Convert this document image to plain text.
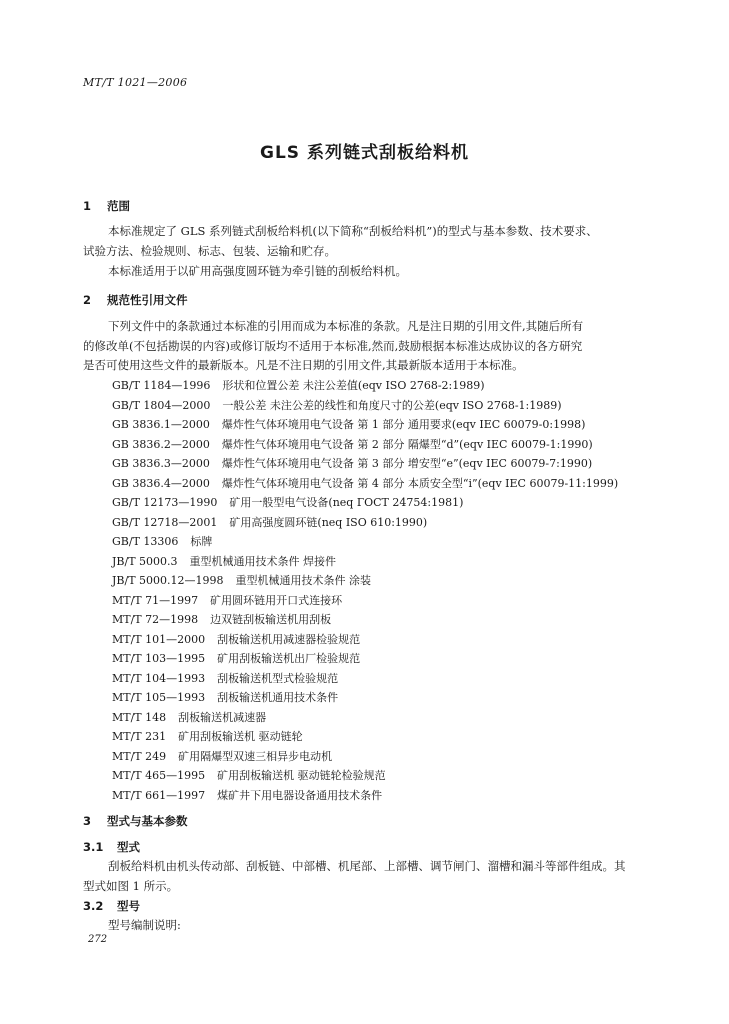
MT/T 1021—2006
GLS 系列链式刮板给料机
1 范围
本标准规定了 GLS 系列链式刮板给料机(以下简称“刮板给料机”)的型式与基本参数、技术要求、
试验方法、检验规则、标志、包装、运输和贮存。
本标准适用于以矿用高强度圆环链为牵引链的刮板给料机。
2 规范性引用文件
下列文件中的条款通过本标准的引用而成为本标准的条款。凡是注日期的引用文件,其随后所有
的修改单(不包括勘误的内容)或修订版均不适用于本标准,然而,鼓励根据本标准达成协议的各方研究
是否可使用这些文件的最新版本。凡是不注日期的引用文件,其最新版本适用于本标准。
GB/T 1184—1996 形状和位置公差 未注公差值(eqv ISO 2768-2:1989)
GB/T 1804—2000 一般公差 未注公差的线性和角度尺寸的公差(eqv ISO 2768-1:1989)
GB 3836.1—2000 爆炸性气体环境用电气设备 第 1 部分 通用要求(eqv IEC 60079-0:1998)
GB 3836.2—2000 爆炸性气体环境用电气设备 第 2 部分 隔爆型“d”(eqv IEC 60079-1:1990)
GB 3836.3—2000 爆炸性气体环境用电气设备 第 3 部分 增安型“e”(eqv IEC 60079-7:1990)
GB 3836.4—2000 爆炸性气体环境用电气设备 第 4 部分 本质安全型“i”(eqv IEC 60079-11:1999)
GB/T 12173—1990 矿用一般型电气设备(neq ГОСТ 24754:1981)
GB/T 12718—2001 矿用高强度圆环链(neq ISO 610:1990)
GB/T 13306 标牌
JB/T 5000.3 重型机械通用技术条件 焊接件
JB/T 5000.12—1998 重型机械通用技术条件 涂装
MT/T 71—1997 矿用圆环链用开口式连接环
MT/T 72—1998 边双链刮板输送机用刮板
MT/T 101—2000 刮板输送机用减速器检验规范
MT/T 103—1995 矿用刮板输送机出厂检验规范
MT/T 104—1993 刮板输送机型式检验规范
MT/T 105—1993 刮板输送机通用技术条件
MT/T 148 刮板输送机减速器
MT/T 231 矿用刮板输送机 驱动链轮
MT/T 249 矿用隔爆型双速三相异步电动机
MT/T 465—1995 矿用刮板输送机 驱动链轮检验规范
MT/T 661—1997 煤矿井下用电器设备通用技术条件
3 型式与基本参数
3.1 型式
刮板给料机由机头传动部、刮板链、中部槽、机尾部、上部槽、调节闸门、溜槽和漏斗等部件组成。其
型式如图 1 所示。
3.2 型号
型号编制说明:
272
